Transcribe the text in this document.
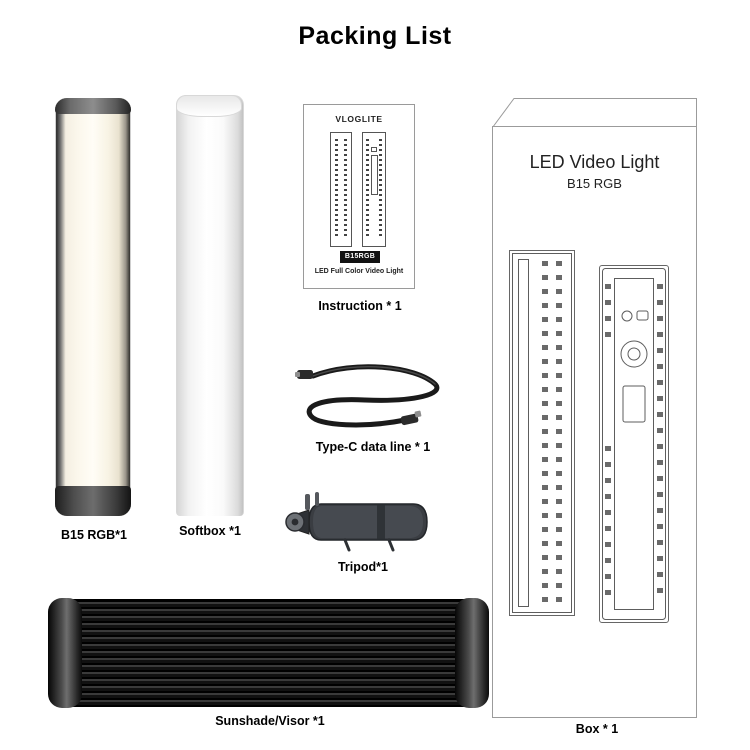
Packing List
B15 RGB*1	Softbox *1
VLOGLITE
B15RGB
LED Full Color Video Light
Instruction * 1
Type-C data line * 1
Tripod*1
Sunshade/Visor *1
LED Video Light
B15 RGB
Box * 1
